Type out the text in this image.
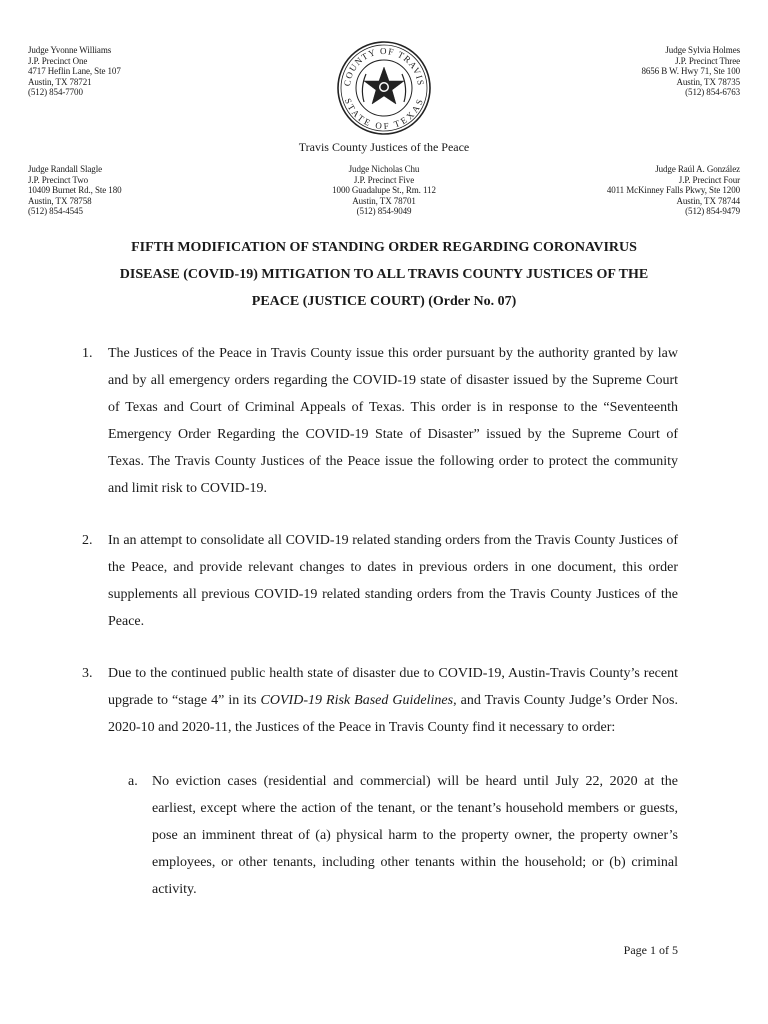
Judge Yvonne Williams
J.P. Precinct One
4717 Heflin Lane, Ste 107
Austin, TX 78721
(512) 854-7700
COUNTY OF TRAVIS
STATE OF TEXAS
Judge Sylvia Holmes
J.P. Precinct Three
8656 B W. Hwy 71, Ste 100
Austin, TX 78735
(512) 854-6763
Travis County Justices of the Peace
Judge Randall Slagle
J.P. Precinct Two
10409 Burnet Rd., Ste 180
Austin, TX 78758
(512) 854-4545
Judge Nicholas Chu
J.P. Precinct Five
1000 Guadalupe St., Rm. 112
Austin, TX 78701
(512) 854-9049
Judge Raúl A. González
J.P. Precinct Four
4011 McKinney Falls Pkwy, Ste 1200
Austin, TX 78744
(512) 854-9479
FIFTH MODIFICATION OF STANDING ORDER REGARDING CORONAVIRUS
DISEASE (COVID-19) MITIGATION TO ALL TRAVIS COUNTY JUSTICES OF THE
PEACE (JUSTICE COURT) (Order No. 07)
1. The Justices of the Peace in Travis County issue this order pursuant by the authority granted by law and by all emergency orders regarding the COVID-19 state of disaster issued by the Supreme Court of Texas and Court of Criminal Appeals of Texas. This order is in response to the “Seventeenth Emergency Order Regarding the COVID-19 State of Disaster” issued by the Supreme Court of Texas. The Travis County Justices of the Peace issue the following order to protect the community and limit risk to COVID-19.
2. In an attempt to consolidate all COVID-19 related standing orders from the Travis County Justices of the Peace, and provide relevant changes to dates in previous orders in one document, this order supplements all previous COVID-19 related standing orders from the Travis County Justices of the Peace.
3. Due to the continued public health state of disaster due to COVID-19, Austin-Travis County’s recent upgrade to “stage 4” in its COVID-19 Risk Based Guidelines, and Travis County Judge’s Order Nos. 2020-10 and 2020-11, the Justices of the Peace in Travis County find it necessary to order:
a. No eviction cases (residential and commercial) will be heard until July 22, 2020 at the earliest, except where the action of the tenant, or the tenant’s household members or guests, pose an imminent threat of (a) physical harm to the property owner, the property owner’s employees, or other tenants, including other tenants within the household; or (b) criminal activity.
Page 1 of 5
